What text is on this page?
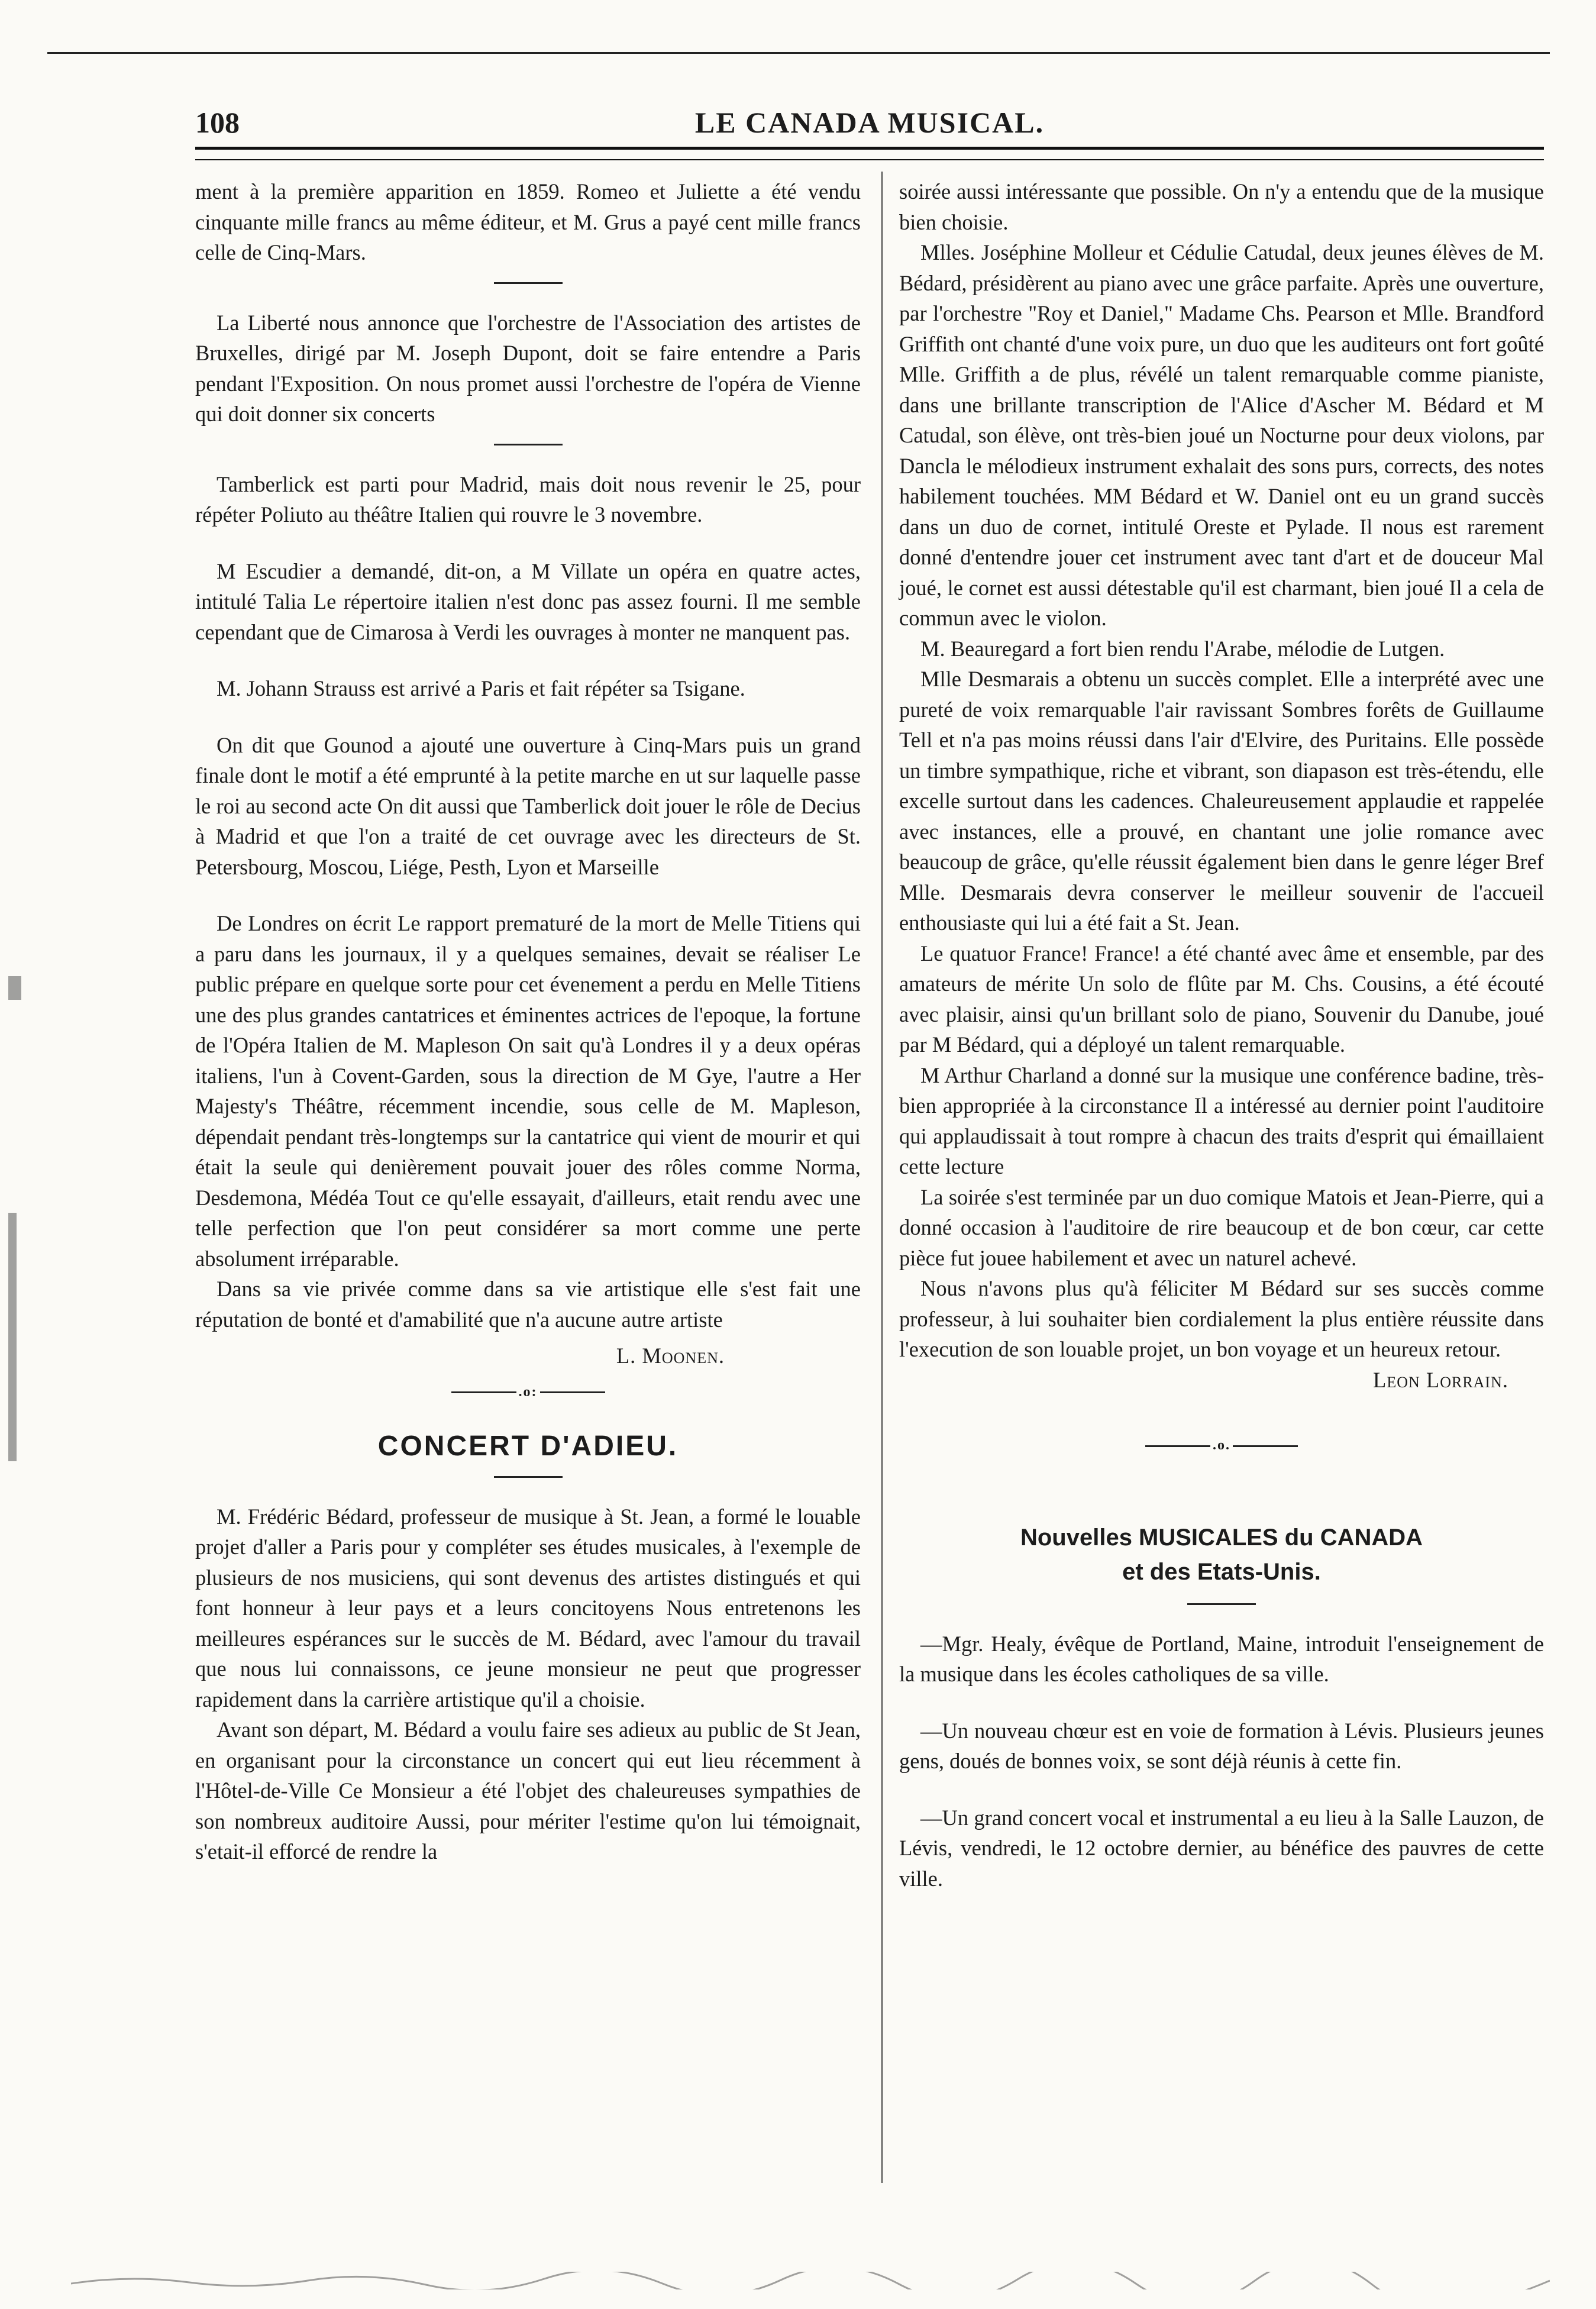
108	LE CANADA MUSICAL.

ment à la première apparition en 1859. Romeo et Juliette a été vendu cinquante mille francs au même éditeur, et M. Grus a payé cent mille francs celle de Cinq-Mars.

La Liberté nous annonce que l'orchestre de l'Association des artistes de Bruxelles, dirigé par M. Joseph Dupont, doit se faire entendre a Paris pendant l'Exposition. On nous promet aussi l'orchestre de l'opéra de Vienne qui doit donner six concerts

Tamberlick est parti pour Madrid, mais doit nous revenir le 25, pour répéter Poliuto au théâtre Italien qui rouvre le 3 novembre.

M Escudier a demandé, dit-on, a M Villate un opéra en quatre actes, intitulé Talia Le répertoire italien n'est donc pas assez fourni. Il me semble cependant que de Cimarosa à Verdi les ouvrages à monter ne manquent pas.

M. Johann Strauss est arrivé a Paris et fait répéter sa Tsigane.

On dit que Gounod a ajouté une ouverture à Cinq-Mars puis un grand finale dont le motif a été emprunté à la petite marche en ut sur laquelle passe le roi au second acte On dit aussi que Tamberlick doit jouer le rôle de Decius à Madrid et que l'on a traité de cet ouvrage avec les directeurs de St. Petersbourg, Moscou, Liége, Pesth, Lyon et Marseille

De Londres on écrit Le rapport prematuré de la mort de Melle Titiens qui a paru dans les journaux, il y a quelques semaines, devait se réaliser Le public prépare en quelque sorte pour cet évenement a perdu en Melle Titiens une des plus grandes cantatrices et éminentes actrices de l'epoque, la fortune de l'Opéra Italien de M. Mapleson On sait qu'à Londres il y a deux opéras italiens, l'un à Covent-Garden, sous la direction de M Gye, l'autre a Her Majesty's Théâtre, récemment incendie, sous celle de M. Mapleson, dépendait pendant très-longtemps sur la cantatrice qui vient de mourir et qui était la seule qui denièrement pouvait jouer des rôles comme Norma, Desdemona, Médéa Tout ce qu'elle essayait, d'ailleurs, etait rendu avec une telle perfection que l'on peut considérer sa mort comme une perte absolument irréparable.

Dans sa vie privée comme dans sa vie artistique elle s'est fait une réputation de bonté et d'amabilité que n'a aucune autre artiste

L. Moonen.

.o:
CONCERT D'ADIEU.

M. Frédéric Bédard, professeur de musique à St. Jean, a formé le louable projet d'aller a Paris pour y compléter ses études musicales, à l'exemple de plusieurs de nos musiciens, qui sont devenus des artistes distingués et qui font honneur à leur pays et a leurs concitoyens Nous entretenons les meilleures espérances sur le succès de M. Bédard, avec l'amour du travail que nous lui connaissons, ce jeune monsieur ne peut que progresser rapidement dans la carrière artistique qu'il a choisie.

Avant son départ, M. Bédard a voulu faire ses adieux au public de St Jean, en organisant pour la circonstance un concert qui eut lieu récemment à l'Hôtel-de-Ville Ce Monsieur a été l'objet des chaleureuses sympathies de son nombreux auditoire Aussi, pour mériter l'estime qu'on lui témoignait, s'etait-il efforcé de rendre la

soirée aussi intéressante que possible. On n'y a entendu que de la musique bien choisie.

Mlles. Joséphine Molleur et Cédulie Catudal, deux jeunes élèves de M. Bédard, présidèrent au piano avec une grâce parfaite. Après une ouverture, par l'orchestre "Roy et Daniel," Madame Chs. Pearson et Mlle. Brandford Griffith ont chanté d'une voix pure, un duo que les auditeurs ont fort goûté Mlle. Griffith a de plus, révélé un talent remarquable comme pianiste, dans une brillante transcription de l'Alice d'Ascher M. Bédard et M Catudal, son élève, ont très-bien joué un Nocturne pour deux violons, par Dancla le mélodieux instrument exhalait des sons purs, corrects, des notes habilement touchées. MM Bédard et W. Daniel ont eu un grand succès dans un duo de cornet, intitulé Oreste et Pylade. Il nous est rarement donné d'entendre jouer cet instrument avec tant d'art et de douceur Mal joué, le cornet est aussi détestable qu'il est charmant, bien joué Il a cela de commun avec le violon.

M. Beauregard a fort bien rendu l'Arabe, mélodie de Lutgen.

Mlle Desmarais a obtenu un succès complet. Elle a interprété avec une pureté de voix remarquable l'air ravissant Sombres forêts de Guillaume Tell et n'a pas moins réussi dans l'air d'Elvire, des Puritains. Elle possède un timbre sympathique, riche et vibrant, son diapason est très-étendu, elle excelle surtout dans les cadences. Chaleureusement applaudie et rappelée avec instances, elle a prouvé, en chantant une jolie romance avec beaucoup de grâce, qu'elle réussit également bien dans le genre léger Bref Mlle. Desmarais devra conserver le meilleur souvenir de l'accueil enthousiaste qui lui a été fait a St. Jean.

Le quatuor France! France! a été chanté avec âme et ensemble, par des amateurs de mérite Un solo de flûte par M. Chs. Cousins, a été écouté avec plaisir, ainsi qu'un brillant solo de piano, Souvenir du Danube, joué par M Bédard, qui a déployé un talent remarquable.

M Arthur Charland a donné sur la musique une conférence badine, très-bien appropriée à la circonstance Il a intéressé au dernier point l'auditoire qui applaudissait à tout rompre à chacun des traits d'esprit qui émaillaient cette lecture

La soirée s'est terminée par un duo comique Matois et Jean-Pierre, qui a donné occasion à l'auditoire de rire beaucoup et de bon cœur, car cette pièce fut jouee habilement et avec un naturel achevé.

Nous n'avons plus qu'à féliciter M Bédard sur ses succès comme professeur, à lui souhaiter bien cordialement la plus entière réussite dans l'execution de son louable projet, un bon voyage et un heureux retour.

Leon Lorrain.

.o.
Nouvelles MUSICALES du CANADA
et des Etats-Unis.

—Mgr. Healy, évêque de Portland, Maine, introduit l'enseignement de la musique dans les écoles catholiques de sa ville.

—Un nouveau chœur est en voie de formation à Lévis. Plusieurs jeunes gens, doués de bonnes voix, se sont déjà réunis à cette fin.

—Un grand concert vocal et instrumental a eu lieu à la Salle Lauzon, de Lévis, vendredi, le 12 octobre dernier, au bénéfice des pauvres de cette ville.
